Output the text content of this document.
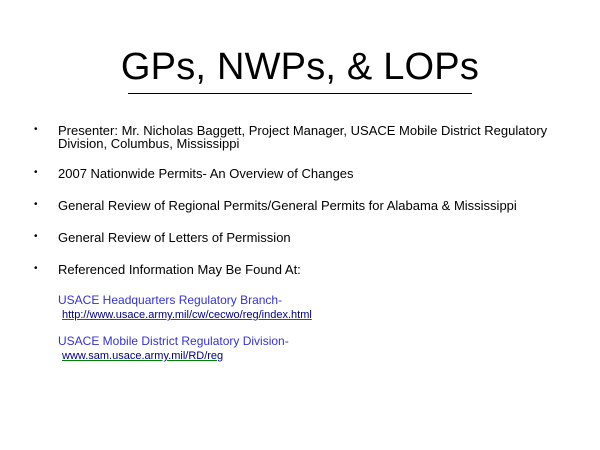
GPs, NWPs, & LOPs
• Presenter: Mr. Nicholas Baggett, Project Manager, USACE Mobile District Regulatory Division, Columbus, Mississippi
• 2007 Nationwide Permits- An Overview of Changes
• General Review of Regional Permits/General Permits for Alabama & Mississippi
• General Review of Letters of Permission
• Referenced Information May Be Found At:
USACE Headquarters Regulatory Branch-
http://www.usace.army.mil/cw/cecwo/reg/index.html
USACE Mobile District Regulatory Division-
www.sam.usace.army.mil/RD/reg
